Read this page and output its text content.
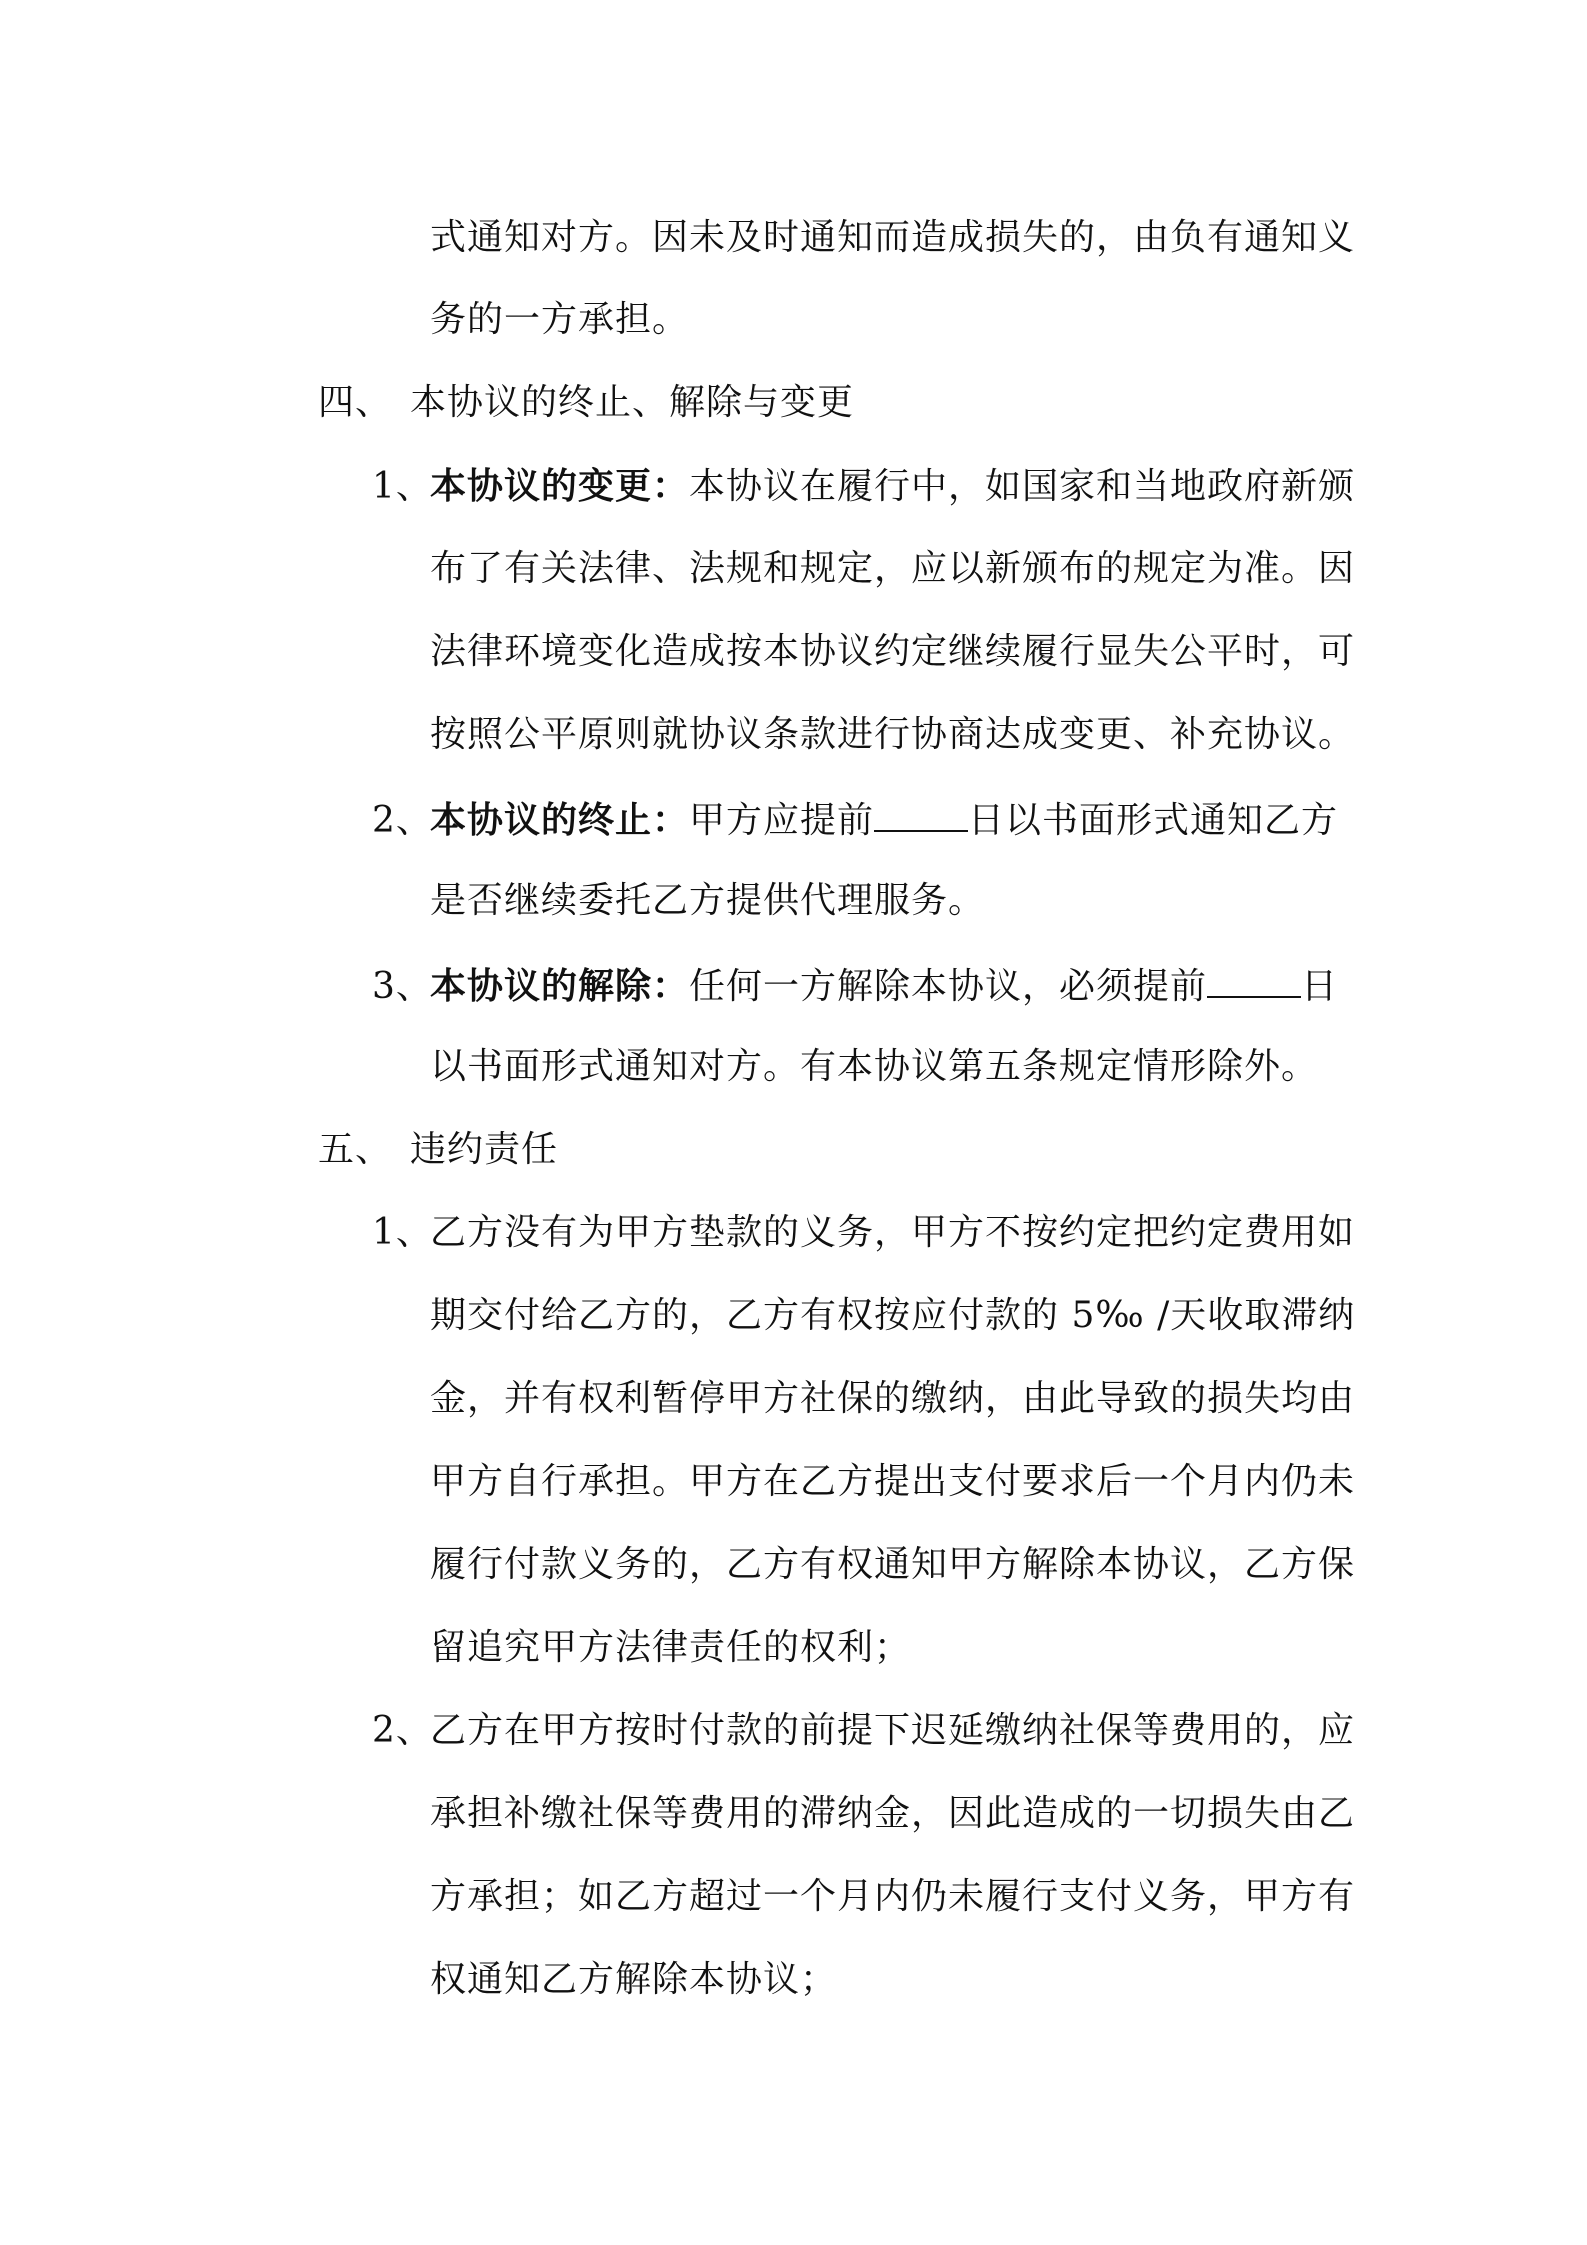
式通知对方。因未及时通知而造成损失的，由负有通知义
务的一方承担。
四、 本协议的终止、解除与变更
1、本协议的变更：本协议在履行中，如国家和当地政府新颁
布了有关法律、法规和规定，应以新颁布的规定为准。因
法律环境变化造成按本协议约定继续履行显失公平时，可
按照公平原则就协议条款进行协商达成变更、补充协议。
2、本协议的终止：甲方应提前	日以书面形式通知乙方
是否继续委托乙方提供代理服务。
3、本协议的解除：任何一方解除本协议，必须提前	日
以书面形式通知对方。有本协议第五条规定情形除外。
五、 违约责任
1、乙方没有为甲方垫款的义务，甲方不按约定把约定费用如
期交付给乙方的，乙方有权按应付款的 5‰ /天收取滞纳
金，并有权利暂停甲方社保的缴纳，由此导致的损失均由
甲方自行承担。甲方在乙方提出支付要求后一个月内仍未
履行付款义务的，乙方有权通知甲方解除本协议，乙方保
留追究甲方法律责任的权利；
2、乙方在甲方按时付款的前提下迟延缴纳社保等费用的，应
承担补缴社保等费用的滞纳金，因此造成的一切损失由乙
方承担；如乙方超过一个月内仍未履行支付义务，甲方有
权通知乙方解除本协议；
